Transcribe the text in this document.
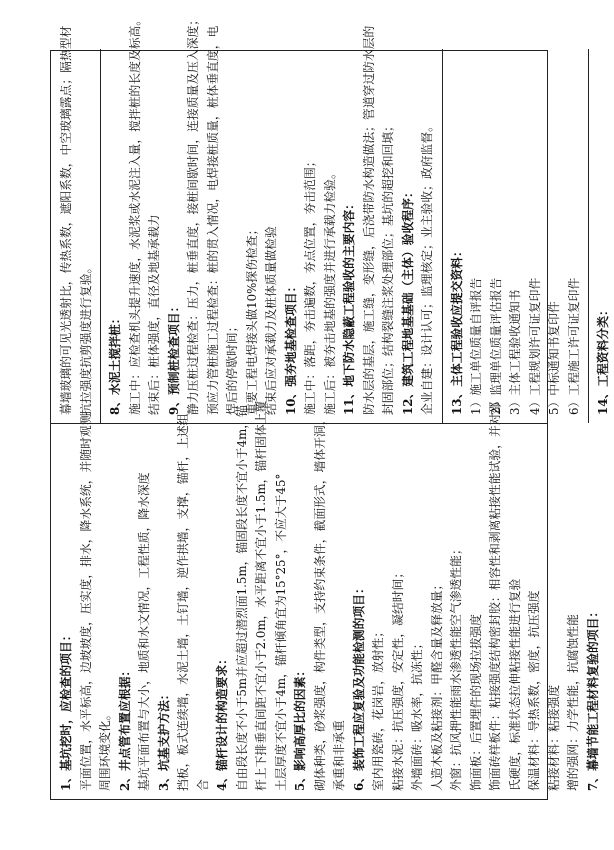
1、基坑挖时，应检查的项目： 平面位置，水平标高，边坡坡度，压实度，排水，降水系统，并随时观测 周围环境变化。 2、井点管布置应根据： 基坑平面布置与大小，地质和水文情况，工程性质，降水深度 3、坑基支护方法： 挡板，板式连续墙，水泥土墙，土钉墙，逆作拱墙，支撑，锚杆，上述组 合 4、锚杆设计的构造要求： 自由段长度不小于5m并应超过潜烈面1.5m，锚固段长度不宜小于4m，锚 杆上下排垂直间距不宜小于2.0m，水平距离不宜小于1.5m，锚杆固体上覆 土层厚度不宜小于4m，锚杆倾角宜为15°25°，不应大于45° 5、影响高厚比的因素： 砌体种类，砂浆强度，构件类型，支持约束条件，截面形式，墙体开洞， 承重和非承重 6、装饰工程应复验及功能检测的项目： 室内用瓷砖，花岗岩，放射性； 粘接水泥：抗压强度，安定性，凝结时间； 外墙面砖：吸水率，抗冻性； 人造木板及粘接剂：甲醛含量及释放量； 外窗：抗风押性能雨水渗透性能空气渗透性能； 饰面板：后置埋件的现场拉拔强度 饰面砖样板件：粘接强度结构密封胶：相容性和剥离粘接性能试验，并对邵 氏硬度，标准状态拉伸粘接性能进行复验 保温材料：导热系数，密度，抗压强度 粘接材料：粘接强度 增的强网：力学性能，抗腐蚀性能 7、幕墙节能工程材料复验的项目：
幕墙玻璃的可见光透射比，传热系数，遮阳系数，中空玻璃露点；隔热型材 抗拉强度抗剪强度进行复验。 8、水泥土搅拌桩： 施工中：应检查机头提升速度，水泥浆或水泥注入量，搅拌桩的长度及标高。 结束后：桩体强度，直径及地基承载力 9、预制桩检查项目： 静力压桩过程检查：压力，桩垂直度，接桩间歇时间，连接质量及压入深度； 预应力管桩施工过程检查：桩的贯入情况，电焊接桩质量，桩体垂直度，电 焊后的停歇时间； 重要工程电焊接头做10%探伤检查； 结束后应对承载力及桩体质量做检验 10、强夯地基检查项目： 施工中：落距，夯击遍数，夯点位置，夯击范围； 施工后：被夯击地基的强度并进行承载力检验。 11、地下防水隐蔽工程验收的主要内容： 防水层的基层，施工缝，变形缝，后浇带防水构造做法；管道穿过防水层的 封固部位；结构裂缝注浆处理部位；基坑的超挖和回填； 12、建筑工程地基基础（主体）验收程序： 企业自建：设计认可；监理核定；业主验收；政府监督。 13、主体工程验收应提交资料： 1）施工单位质量自评报告 2）监理单位质量评估报告 3）主体工程验收通知书 4）工程规划许可证复印件 5）中标通知书复印件 6）工程施工许可证复印件 14、工程资料分类：
